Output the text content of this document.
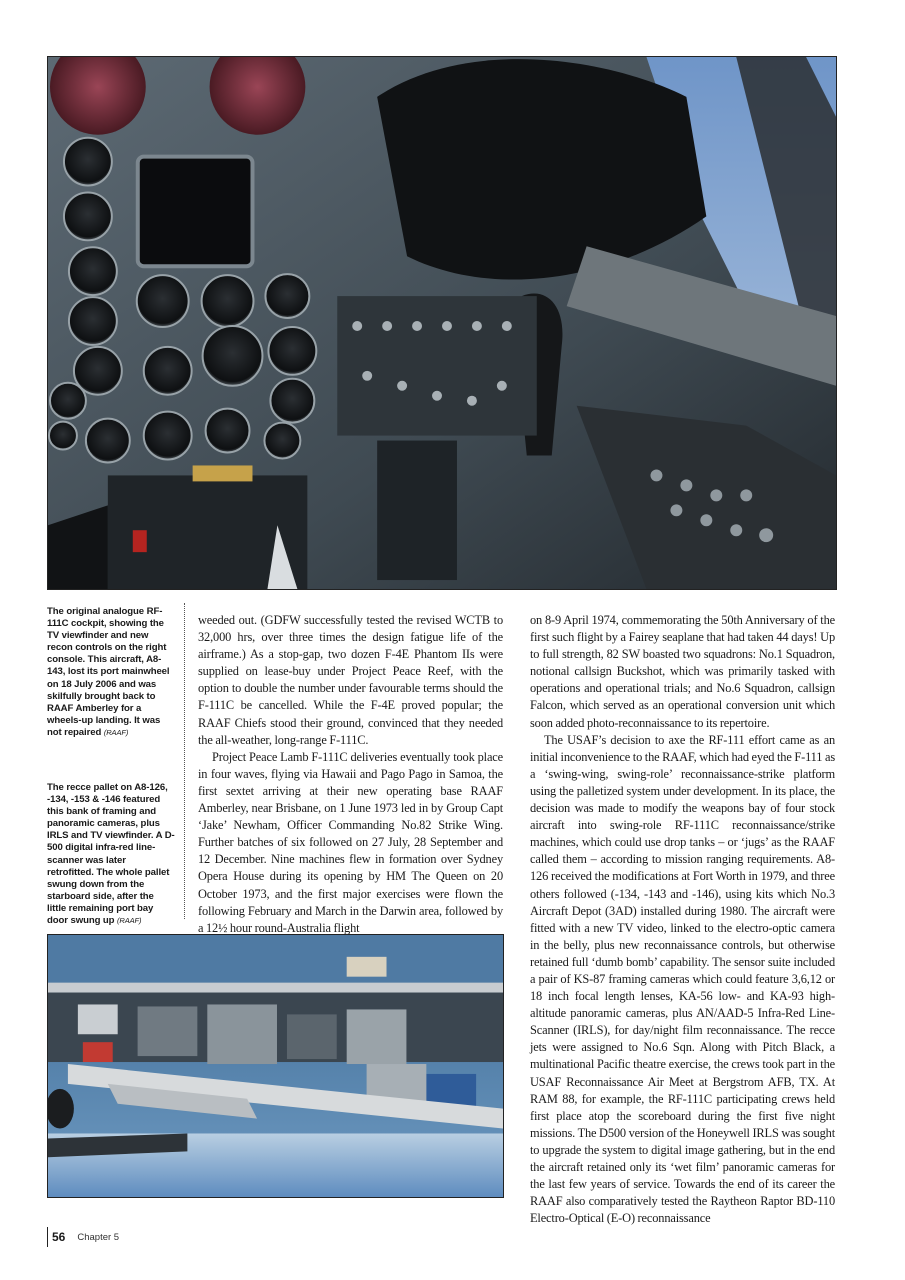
The original analogue RF-111C cockpit, showing the TV viewfinder and new recon controls on the right console. This aircraft, A8-143, lost its port mainwheel on 18 July 2006 and was skilfully brought back to RAAF Amberley for a wheels-up landing. It was not repaired (RAAF)
The recce pallet on A8-126, -134, -153 & -146 featured this bank of framing and panoramic cameras, plus IRLS and TV viewfinder. A D-500 digital infra-red line-scanner was later retrofitted. The whole pallet swung down from the starboard side, after the little remaining port bay door swung up (RAAF)

weeded out. (GDFW successfully tested the revised WCTB to 32,000 hrs, over three times the design fatigue life of the airframe.) As a stop-gap, two dozen F-4E Phantom IIs were supplied on lease-buy under Project Peace Reef, with the option to double the number under favourable terms should the F-111C be cancelled. While the F-4E proved popular; the RAAF Chiefs stood their ground, convinced that they needed the all-weather, long-range F-111C.

Project Peace Lamb F-111C deliveries eventually took place in four waves, flying via Hawaii and Pago Pago in Samoa, the first sextet arriving at their new operating base RAAF Amberley, near Brisbane, on 1 June 1973 led in by Group Capt ‘Jake’ Newham, Officer Commanding No.82 Strike Wing. Further batches of six followed on 27 July, 28 September and 12 December. Nine machines flew in formation over Sydney Opera House during its opening by HM The Queen on 20 October 1973, and the first major exercises were flown the following February and March in the Darwin area, followed by a 12½ hour round-Australia flight

on 8-9 April 1974, commemorating the 50th Anniversary of the first such flight by a Fairey seaplane that had taken 44 days! Up to full strength, 82 SW boasted two squadrons: No.1 Squadron, notional callsign Buckshot, which was primarily tasked with operations and operational trials; and No.6 Squadron, callsign Falcon, which served as an operational conversion unit which soon added photo-reconnaissance to its repertoire.

The USAF’s decision to axe the RF-111 effort came as an initial inconvenience to the RAAF, which had eyed the F-111 as a ‘swing-wing, swing-role’ reconnaissance-strike platform using the palletized system under development. In its place, the decision was made to modify the weapons bay of four stock aircraft into swing-role RF-111C reconnaissance/strike machines, which could use drop tanks – or ‘jugs’ as the RAAF called them – according to mission ranging requirements. A8-126 received the modifications at Fort Worth in 1979, and three others followed (-134, -143 and -146), using kits which No.3 Aircraft Depot (3AD) installed during 1980. The aircraft were fitted with a new TV video, linked to the electro-optic camera in the belly, plus new reconnaissance controls, but otherwise retained full ‘dumb bomb’ capability. The sensor suite included a pair of KS-87 framing cameras which could feature 3,6,12 or 18 inch focal length lenses, KA-56 low- and KA-93 high-altitude panoramic cameras, plus AN/AAD-5 Infra-Red Line-Scanner (IRLS), for day/night film reconnaissance. The recce jets were assigned to No.6 Sqn. Along with Pitch Black, a multinational Pacific theatre exercise, the crews took part in the USAF Reconnaissance Air Meet at Bergstrom AFB, TX. At RAM 88, for example, the RF-111C participating crews held first place atop the scoreboard during the first five night missions. The D500 version of the Honeywell IRLS was sought to upgrade the system to digital image gathering, but in the end the aircraft retained only its ‘wet film’ panoramic cameras for the last few years of service. Towards the end of its career the RAAF also comparatively tested the Raytheon Raptor BD-110 Electro-Optical (E-O) reconnaissance

56 Chapter 5
